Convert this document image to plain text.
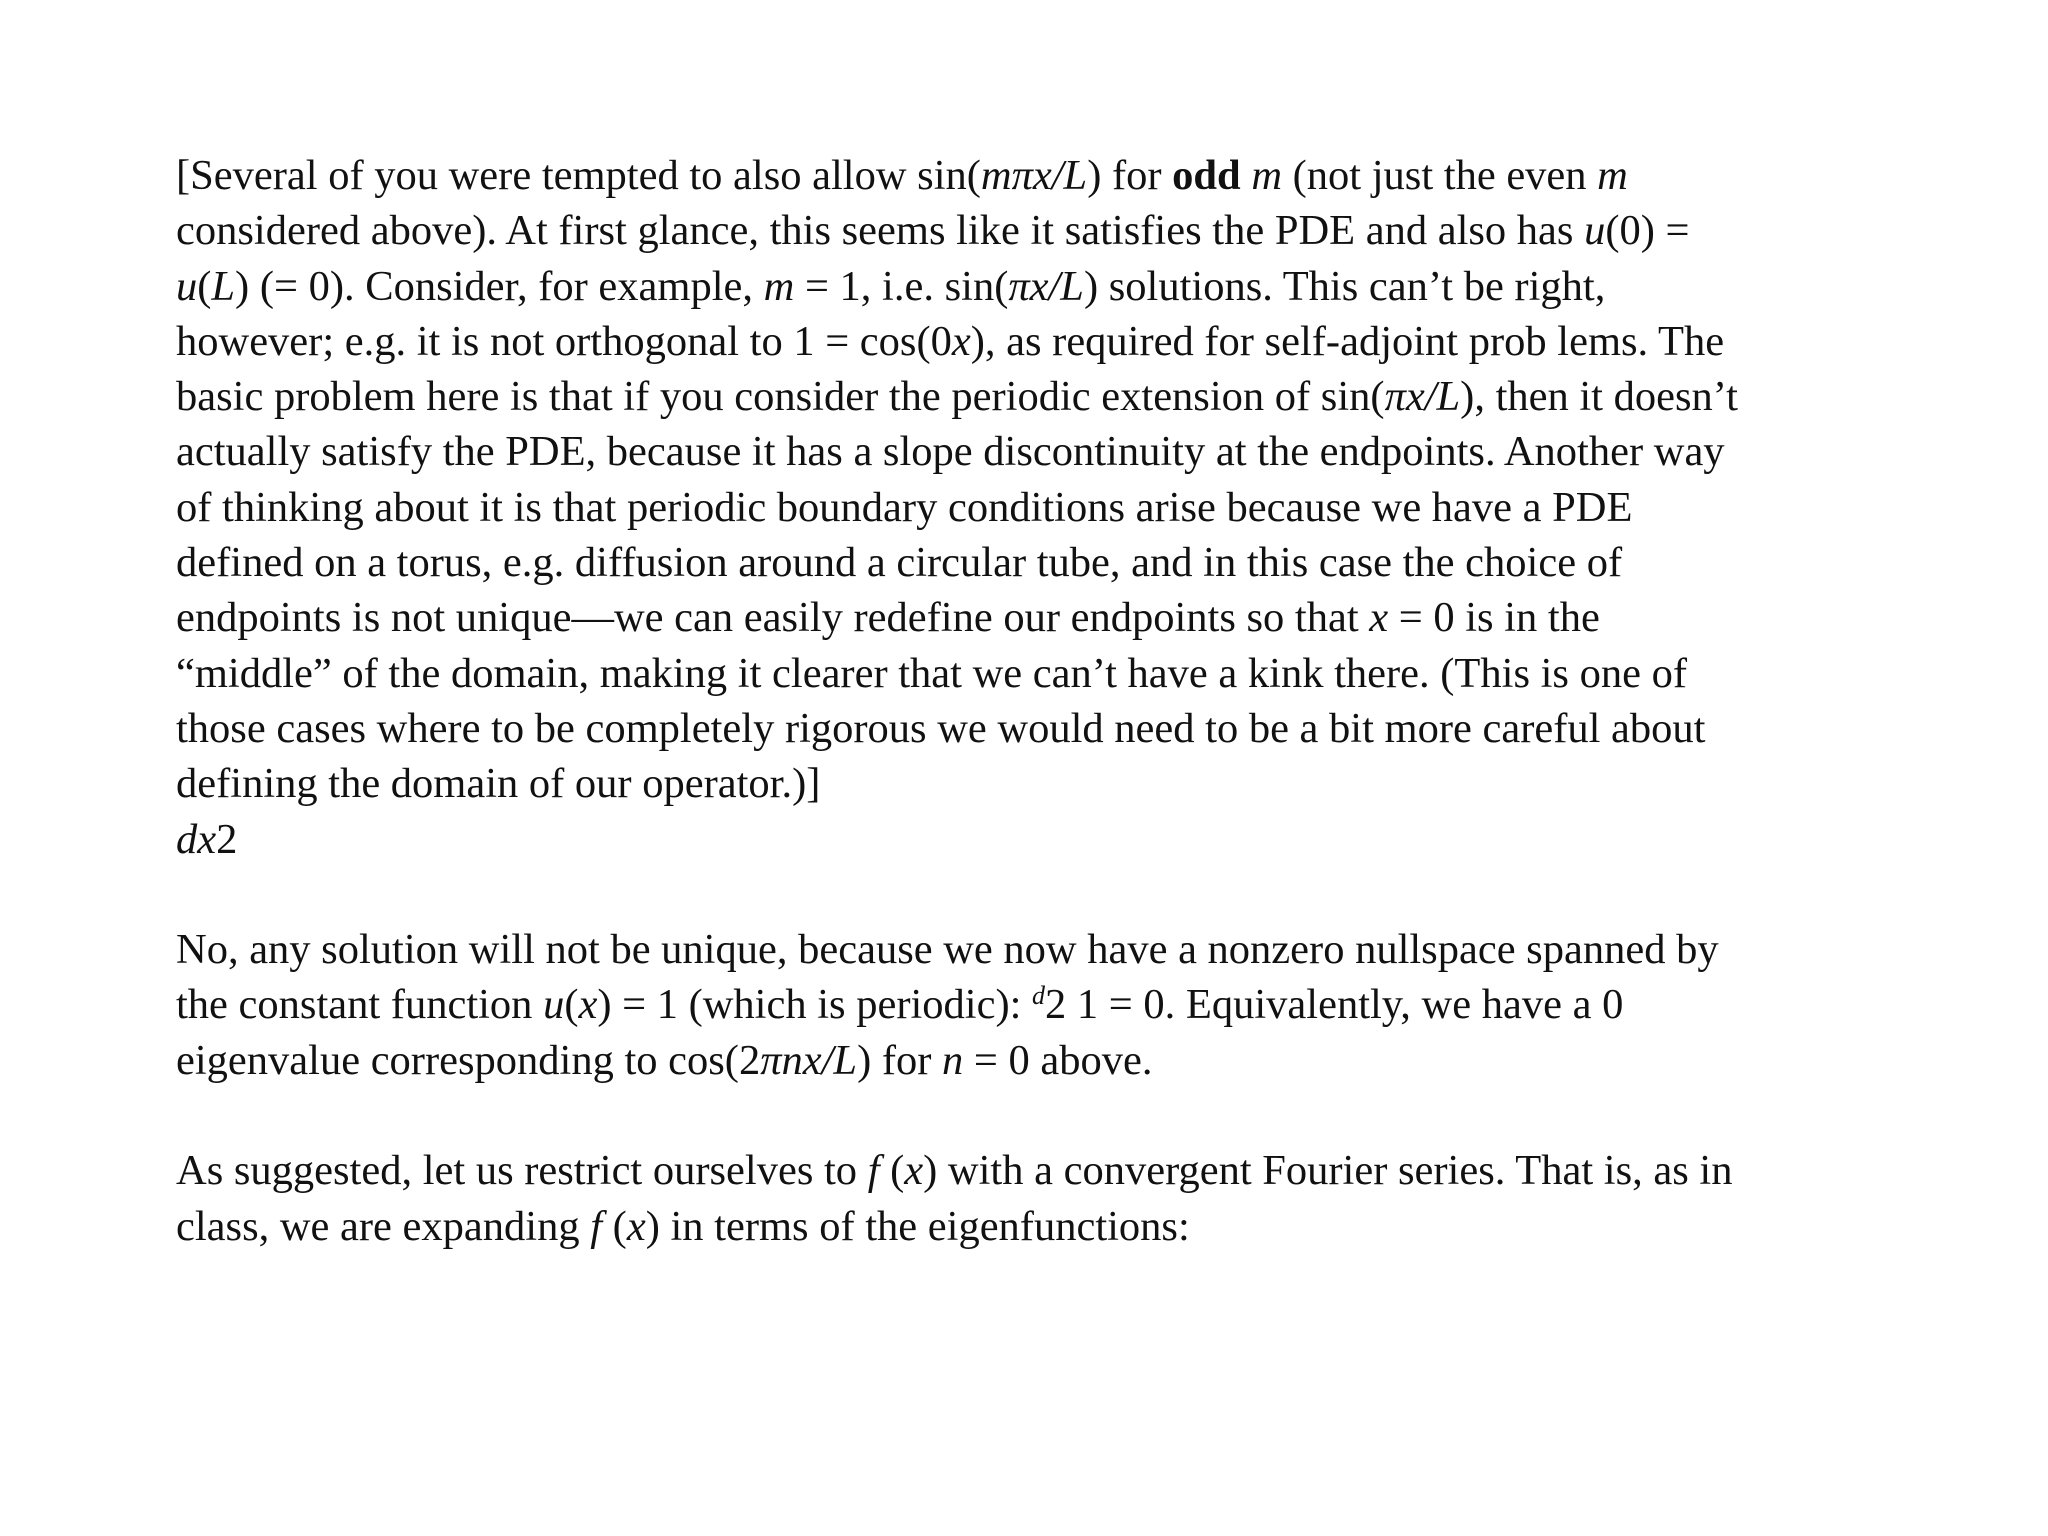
[Several of you were tempted to also allow sin(mπx/L) for odd m (not just the even m
considered above). At first glance, this seems like it satisfies the PDE and also has u(0) =
u(L) (= 0). Consider, for example, m = 1, i.e. sin(πx/L) solutions. This can’t be right,
however; e.g. it is not orthogonal to 1 = cos(0x), as required for self-adjoint prob lems. The
basic problem here is that if you consider the periodic extension of sin(πx/L), then it doesn’t
actually satisfy the PDE, because it has a slope discontinuity at the endpoints. Another way
of thinking about it is that periodic boundary conditions arise because we have a PDE
defined on a torus, e.g. diffusion around a circular tube, and in this case the choice of
endpoints is not unique—we can easily redefine our endpoints so that x = 0 is in the
“middle” of the domain, making it clearer that we can’t have a kink there. (This is one of
those cases where to be completely rigorous we would need to be a bit more careful about
defining the domain of our operator.)]
dx2
No, any solution will not be unique, because we now have a nonzero nullspace spanned by
the constant function u(x) = 1 (which is periodic): $^d$2 1 = 0. Equivalently, we have a 0
eigenvalue corresponding to cos(2πnx/L) for n = 0 above.
As suggested, let us restrict ourselves to f (x) with a convergent Fourier series. That is, as in
class, we are expanding f (x) in terms of the eigenfunctions:
